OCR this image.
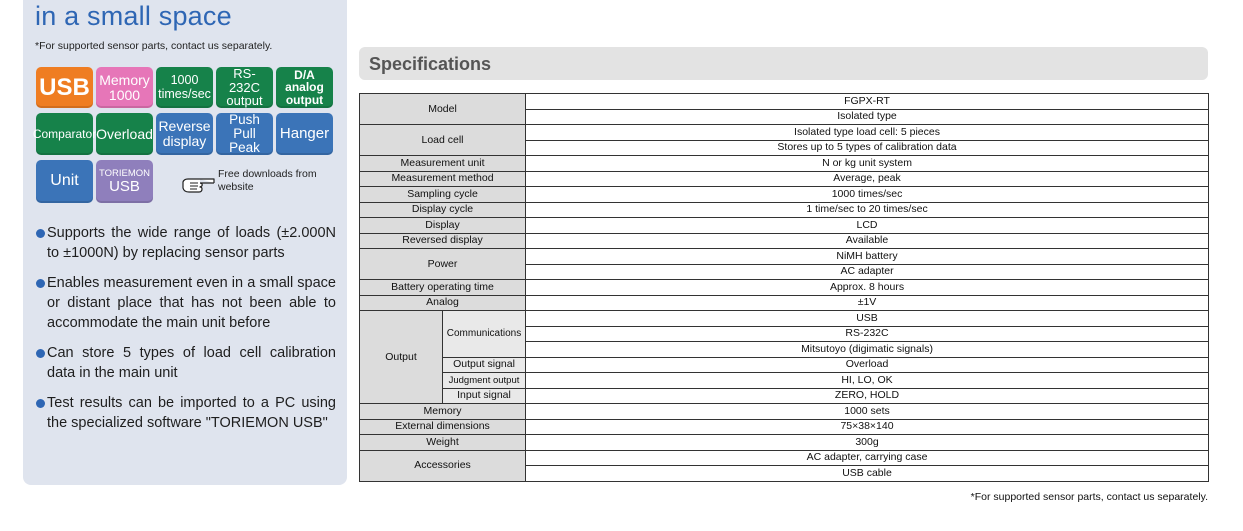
in a small space
*For supported sensor parts, contact us separately.
USB Memory 1000
1000 times/sec
RS-232C output
D/A analog output
Comparator Overload Reverse display
Push Pull Peak
Hanger
Unit	TORIEMON
USB
Free downloads from website
Supports the wide range of loads (±2.000N to ±1000N) by replacing sensor parts
Enables measurement even in a small space or distant place that has not been able to accommodate the main unit before
Can store 5 types of load cell calibration data in the main unit
Test results can be imported to a PC using the specialized software "TORIEMON USB"
Specifications
Model		FGPX-RT
		Isolated type
Load cell		Isolated type load cell: 5 pieces
		Stores up to 5 types of calibration data
Measurement unit		N or kg unit system
Measurement method		Average, peak
Sampling cycle		1000 times/sec
Display cycle		1 time/sec to 20 times/sec
Display		LCD
Reversed display		Available
Power		NiMH battery
		AC adapter
Battery operating time		Approx. 8 hours
Analog		±1V
Output	Communications	USB
		RS-232C
		Mitsutoyo (digimatic signals)
	Output signal	Overload
	Judgment output	HI, LO, OK
	Input signal	ZERO, HOLD
Memory		1000 sets
External dimensions		75×38×140
Weight		300g
Accessories		AC adapter, carrying case
		USB cable
*For supported sensor parts, contact us separately.
